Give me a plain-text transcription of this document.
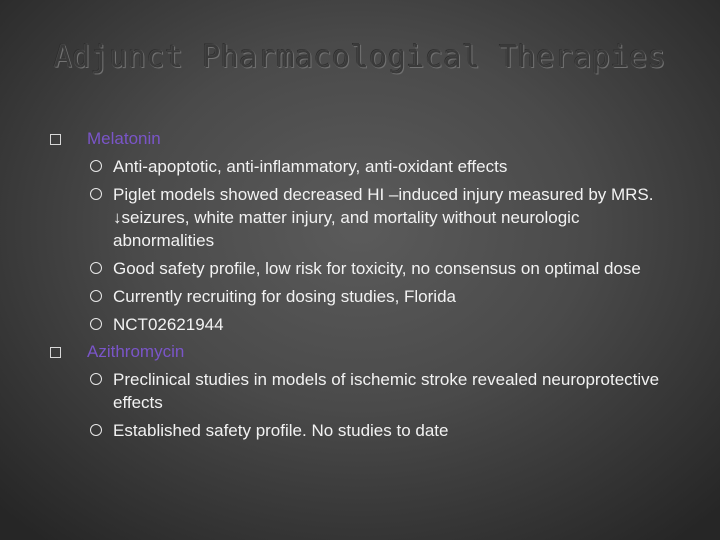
Adjunct Pharmacological Therapies
Melatonin
Anti-apoptotic, anti-inflammatory, anti-oxidant effects
Piglet models showed decreased HI –induced injury measured by MRS. ↓seizures, white matter injury, and mortality without neurologic abnormalities
Good safety profile, low risk for toxicity, no consensus on optimal dose
Currently recruiting for dosing studies, Florida
NCT02621944
Azithromycin
Preclinical studies in models of ischemic stroke revealed neuroprotective effects
Established safety profile. No studies to date
